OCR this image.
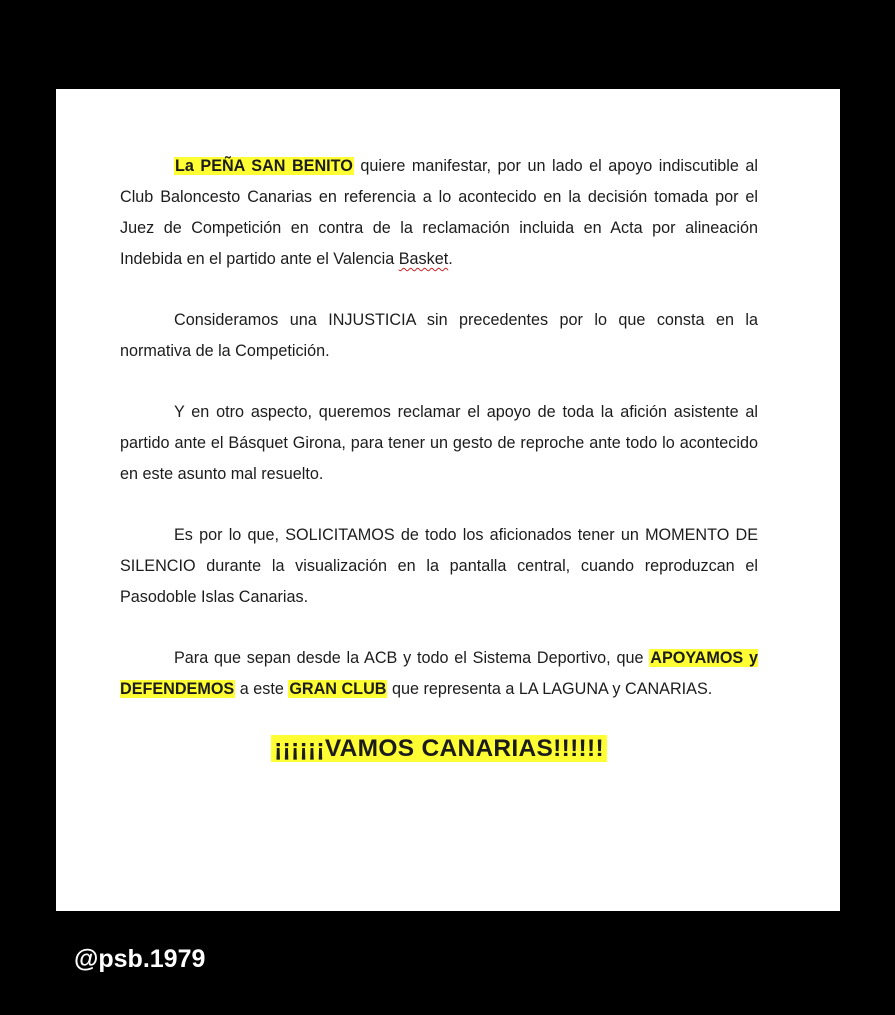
La PEÑA SAN BENITO quiere manifestar, por un lado el apoyo indiscutible al Club Baloncesto Canarias en referencia a lo acontecido en la decisión tomada por el Juez de Competición en contra de la reclamación incluida en Acta por alineación Indebida en el partido ante el Valencia Basket.

Consideramos una INJUSTICIA sin precedentes por lo que consta en la normativa de la Competición.

Y en otro aspecto, queremos reclamar el apoyo de toda la afición asistente al partido ante el Básquet Girona, para tener un gesto de reproche ante todo lo acontecido en este asunto mal resuelto.

Es por lo que, SOLICITAMOS de todo los aficionados tener un MOMENTO DE SILENCIO durante la visualización en la pantalla central, cuando reproduzcan el Pasodoble Islas Canarias.

Para que sepan desde la ACB y todo el Sistema Deportivo, que APOYAMOS y DEFENDEMOS a este GRAN CLUB que representa a LA LAGUNA y CANARIAS.

¡¡¡¡¡¡VAMOS CANARIAS!!!!!!
@psb.1979
